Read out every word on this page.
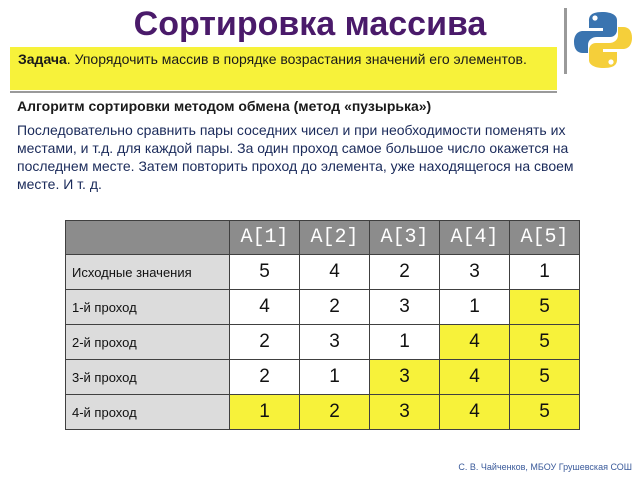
Сортировка массива
Задача. Упорядочить массив в порядке возрастания значений его элементов.
Алгоритм сортировки методом обмена (метод «пузырька»)
Последовательно сравнить пары соседних чисел и при необходимости поменять их местами, и т.д. для каждой пары. За один проход самое большое число окажется на последнем месте. Затем повторить проход до элемента, уже находящегося на своем месте. И т. д.
	A[1]	A[2]	A[3]	A[4]	A[5]
Исходные значения	5	4	2	3	1
1-й проход	4	2	3	1	5
2-й проход	2	3	1	4	5
3-й проход	2	1	3	4	5
4-й проход	1	2	3	4	5
С. В. Чайченков, МБОУ Грушевская СОШ
